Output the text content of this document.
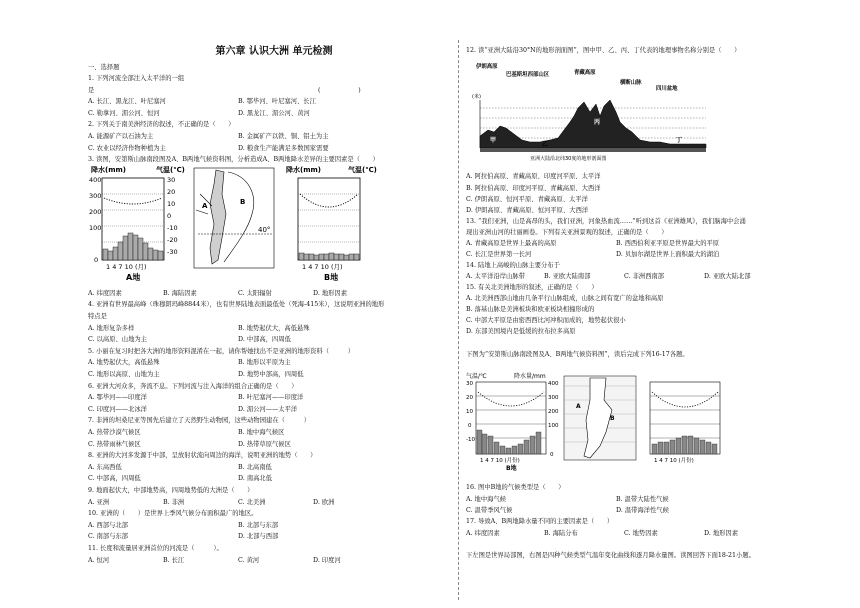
第六章 认识大洲 单元检测
一、选择题
1. 下列河流全部注入太平洋的一组
是	(　　　　　　)
A. 长江、黑龙江、叶尼塞河	B. 鄂毕河、叶尼塞河、长江
C. 勒拿河、湄公河、恒河	D. 黑龙江、湄公河、黄河
2. 下列关于南美洲经济的叙述，不正确的是（　　）
A. 能源矿产以石油为主	B. 金属矿产以铁、铜、铝土为主
C. 农业以经济作物种植为主	D. 粮食生产能满足多数国家需要
3. 读图，安第斯山脉南段图及A、B两地气候资料图，分析造成A、B两地降水差异的主要因素是（　　）
A. 纬度因素	B. 海陆因素	C. 太阳辐射	D. 地形因素
4. 亚洲有世界最高峰（珠穆朗玛峰8844米），也有世界陆地表面最低处（死海-415米），这说明亚洲的地形
特点是
A. 地形复杂多样	B. 地势起伏大，高低悬殊
C. 以高原、山地为主	D. 中部高，四周低
5. 小丽在复习时把各大洲的地形资料混淆在一起，请你帮她找出不是亚洲的地形资料（　　　）
A. 地势起伏大，高低悬殊	B. 地形以平原为主
C. 地形以高原、山地为主	D. 地势中部高，四周低
6. 亚洲大河众多，奔流不息。下列河流与注入海洋的组合正确的是（　　）
A. 鄂毕河——印度洋	B. 叶尼塞河——印度洋
C. 印度河——北冰洋	D. 湄公河——太平洋
7. 非洲的坦桑尼亚等国先后建立了天然野生动物园，这些动物园建在（　　　）
A. 热带沙漠气候区	B. 地中海气候区
C. 热带雨林气候区	D. 热带草原气候区
8. 亚洲的大河多发源于中部，呈放射状流向周边的海洋，说明亚洲的地势（　　）
A. 东高西低	B. 北高南低
C. 中部高，四周低	D. 南高北低
9. 地面起伏大，中部地势高，四周地势低的大洲是（　　）
A. 亚洲	B. 非洲	C. 北美洲	D. 欧洲
10. 亚洲的（　　）是世界上季风气候分布面积最广的地区。
A. 西部与北部	B. 北部与东部
C. 南部与东部	D. 北部与西部
11. 长度和流量居亚洲首位的河流是（　　　）。
A. 恒河	B. 长江	C. 黄河	D. 印度河
降水(mm)	气温(℃)
400
300
200
100
0
30
20
10
0
-10
-20
-30
1 4 7 10 (月)
A地
40°
A	B
降水(mm)	气温(℃)
1 4 7 10 (月)
B地
12. 读“亚洲大陆沿30°N的地形剖面图”，图中甲、乙、丙、丁代表的地理事物名称分别是（　　）
A. 阿拉伯高原、青藏高原、印度河平原、太平洋
B. 阿拉伯高原、印度河平原、青藏高原、大西洋
C. 伊朗高原、恒河平原、青藏高原、太平洋
D. 伊朗高原、青藏高原、恒河平原、大西洋
13. “我们亚洲，山是高昂的头，我们亚洲，河象热血流……”听到这首《亚洲雄风》，我们脑海中会涌
现出亚洲山河的壮丽画卷。下列有关亚洲景观的叙述，正确的是（　　）
A. 青藏高原是世界上最高的高原	B. 西西伯利亚平原是世界最大的平原
C. 长江是世界第一长河	D. 贝加尔湖是世界上面积最大的湖泊
14. 陆地上高峻的山脉主要分布于
A. 太平洋沿岸山脉带	B. 亚欧大陆南部	C. 非洲西南部	D. 亚欧大陆北部
15. 有关北美洲地形的叙述，正确的是（　　）
A. 北美洲西部山地由几条平行山脉组成，山脉之间有宽广的盆地和高原
B. 落基山脉是美洲板块和欧亚板块相撞形成的
C. 中部大平原是由密西西比河冲积而成的，地势起伏很小
D. 东部美国境内是低缓的拉布拉多高原
下图为“安第斯山脉南段图及A、B两地气候资料图”，读后完成下列16-17各题。
16. 图中B地的气候类型是（　　）
A. 地中海气候	B. 温带大陆性气候
C. 温带季风气候	D. 温带海洋性气候
17. 导致A、B两地降水量不同的主要因素是（　　）
A. 纬度因素	B. 海陆分布	C. 地势因素	D. 地形因素
下左图是世界局部图，右图是四种气候类型气温年变化曲线和逐月降水量图。读图回答下面18-21小题。
伊朗高原
巴基斯坦西部山区	青藏高原
横断山脉
四川盆地
(米)
甲
乙
丙
丁
亚洲大陆沿北纬30度的地形剖面图
气温/℃	降水量/mm
30
20
10
0
-10
400
300
200
100
0
1 4 7 10 (月份)
B地
A
B
1 4 7 10 (月份)
